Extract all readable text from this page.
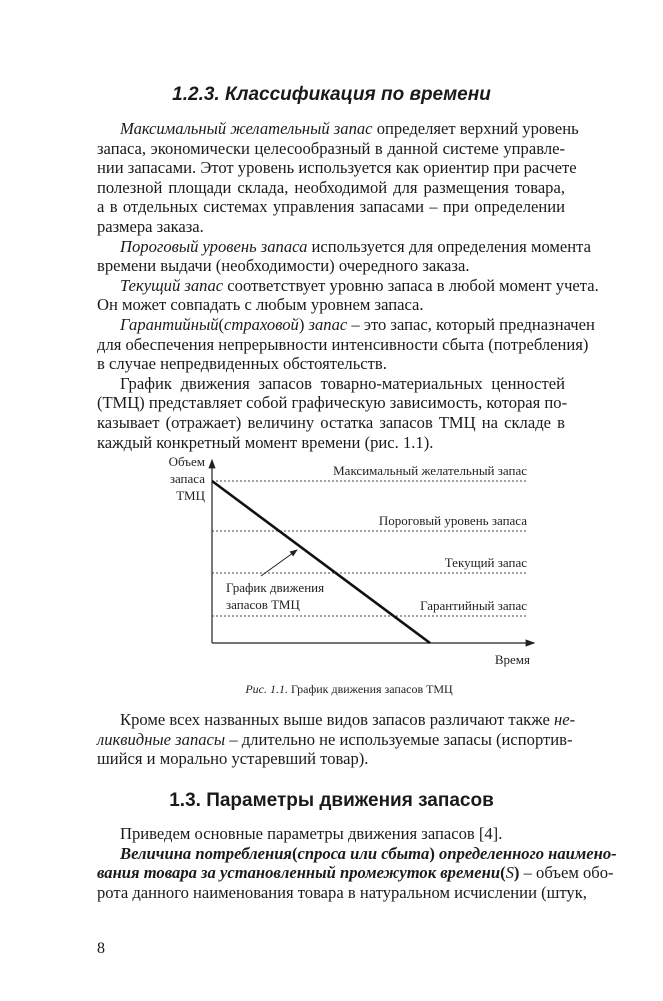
1.2.3. Классификация по времени
Максимальный желательный запас определяет верхний уровень
запаса, экономически целесообразный в данной системе управле-
нии запасами. Этот уровень используется как ориентир при расчете
полезной площади склада, необходимой для размещения товара,
а в отдельных системах управления запасами – при определении
размера заказа.
Пороговый уровень запаса используется для определения момента
времени выдачи (необходимости) очередного заказа.
Текущий запас соответствует уровню запаса в любой момент учета.
Он может совпадать с любым уровнем запаса.
Гарантийный(страховой) запас – это запас, который предназначен
для обеспечения непрерывности интенсивности сбыта (потребления)
в случае непредвиденных обстоятельств.
График движения запасов товарно-материальных ценностей
(ТМЦ) представляет собой графическую зависимость, которая по-
казывает (отражает) величину остатка запасов ТМЦ на складе в
каждый конкретный момент времени (рис. 1.1).
Объем
запаса
ТМЦ
Максимальный желательный запас
Пороговый уровень запаса
Текущий запас
Гарантийный запас
График движения
запасов ТМЦ
Время
Рис. 1.1. График движения запасов ТМЦ
Кроме всех названных выше видов запасов различают также не-
ликвидные запасы – длительно не используемые запасы (испортив-
шийся и морально устаревший товар).
1.3. Параметры движения запасов
Приведем основные параметры движения запасов [4].
Величина потребления(спроса или сбыта) определенного наимено-
вания товара за установленный промежуток времени(S) – объем обо-
рота данного наименования товара в натуральном исчислении (штук,
8
